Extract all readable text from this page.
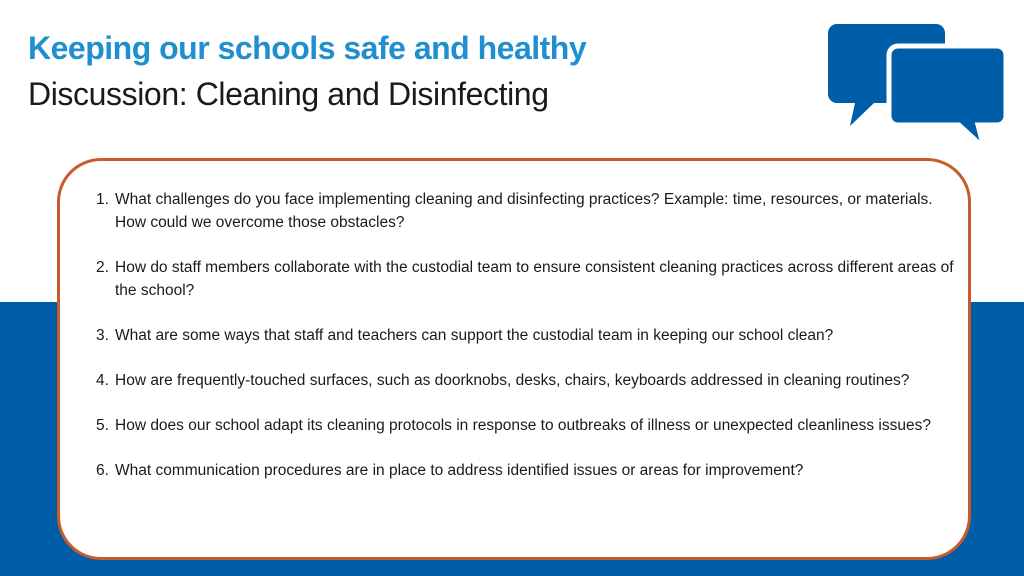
Keeping our schools safe and healthy
Discussion: Cleaning and Disinfecting
1. What challenges do you face implementing cleaning and disinfecting practices? Example: time, resources, or materials. How could we overcome those obstacles?
2. How do staff members collaborate with the custodial team to ensure consistent cleaning practices across different areas of the school?
3. What are some ways that staff and teachers can support the custodial team in keeping our school clean?
4. How are frequently-touched surfaces, such as doorknobs, desks, chairs, keyboards addressed in cleaning routines?
5. How does our school adapt its cleaning protocols in response to outbreaks of illness or unexpected cleanliness issues?
6. What communication procedures are in place to address identified issues or areas for improvement?
